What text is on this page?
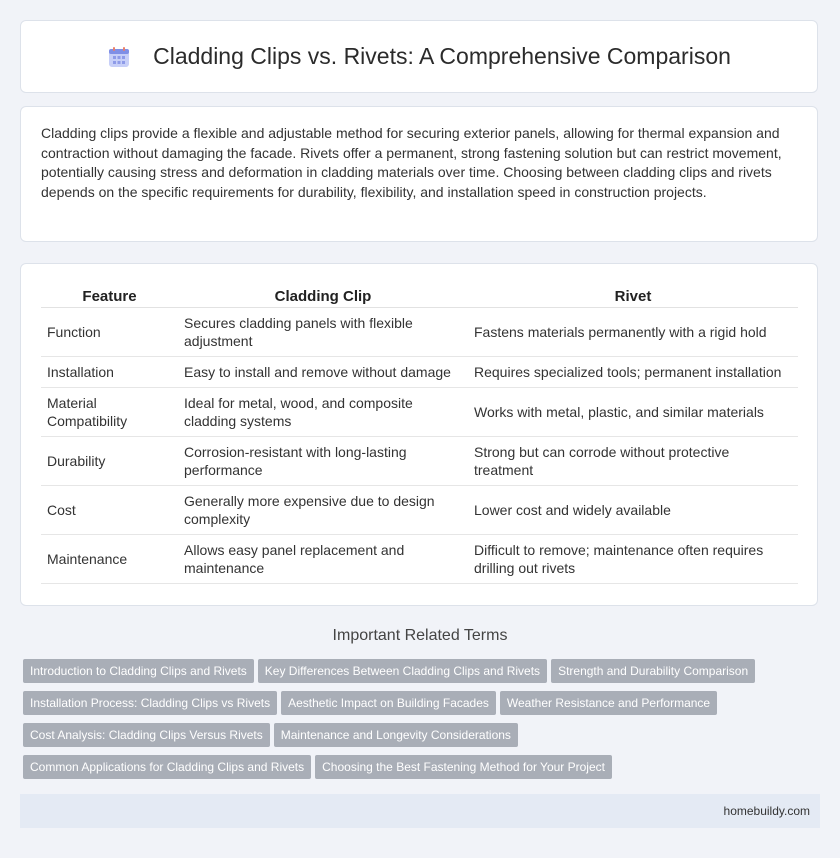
Cladding Clips vs. Rivets: A Comprehensive Comparison

Cladding clips provide a flexible and adjustable method for securing exterior panels, allowing for thermal expansion and contraction without damaging the facade. Rivets offer a permanent, strong fastening solution but can restrict movement, potentially causing stress and deformation in cladding materials over time. Choosing between cladding clips and rivets depends on the specific requirements for durability, flexibility, and installation speed in construction projects.

Feature	Cladding Clip	Rivet
Function	Secures cladding panels with flexible adjustment	Fastens materials permanently with a rigid hold
Installation	Easy to install and remove without damage	Requires specialized tools; permanent installation
Material Compatibility	Ideal for metal, wood, and composite cladding systems	Works with metal, plastic, and similar materials
Durability	Corrosion-resistant with long-lasting performance	Strong but can corrode without protective treatment
Cost	Generally more expensive due to design complexity	Lower cost and widely available
Maintenance	Allows easy panel replacement and maintenance	Difficult to remove; maintenance often requires drilling out rivets
Important Related Terms
Introduction to Cladding Clips and Rivets Key Differences Between Cladding Clips and Rivets Strength and Durability Comparison
Installation Process: Cladding Clips vs Rivets Aesthetic Impact on Building Facades Weather Resistance and Performance
Cost Analysis: Cladding Clips Versus Rivets Maintenance and Longevity Considerations
Common Applications for Cladding Clips and Rivets Choosing the Best Fastening Method for Your Project
homebuildy.com
